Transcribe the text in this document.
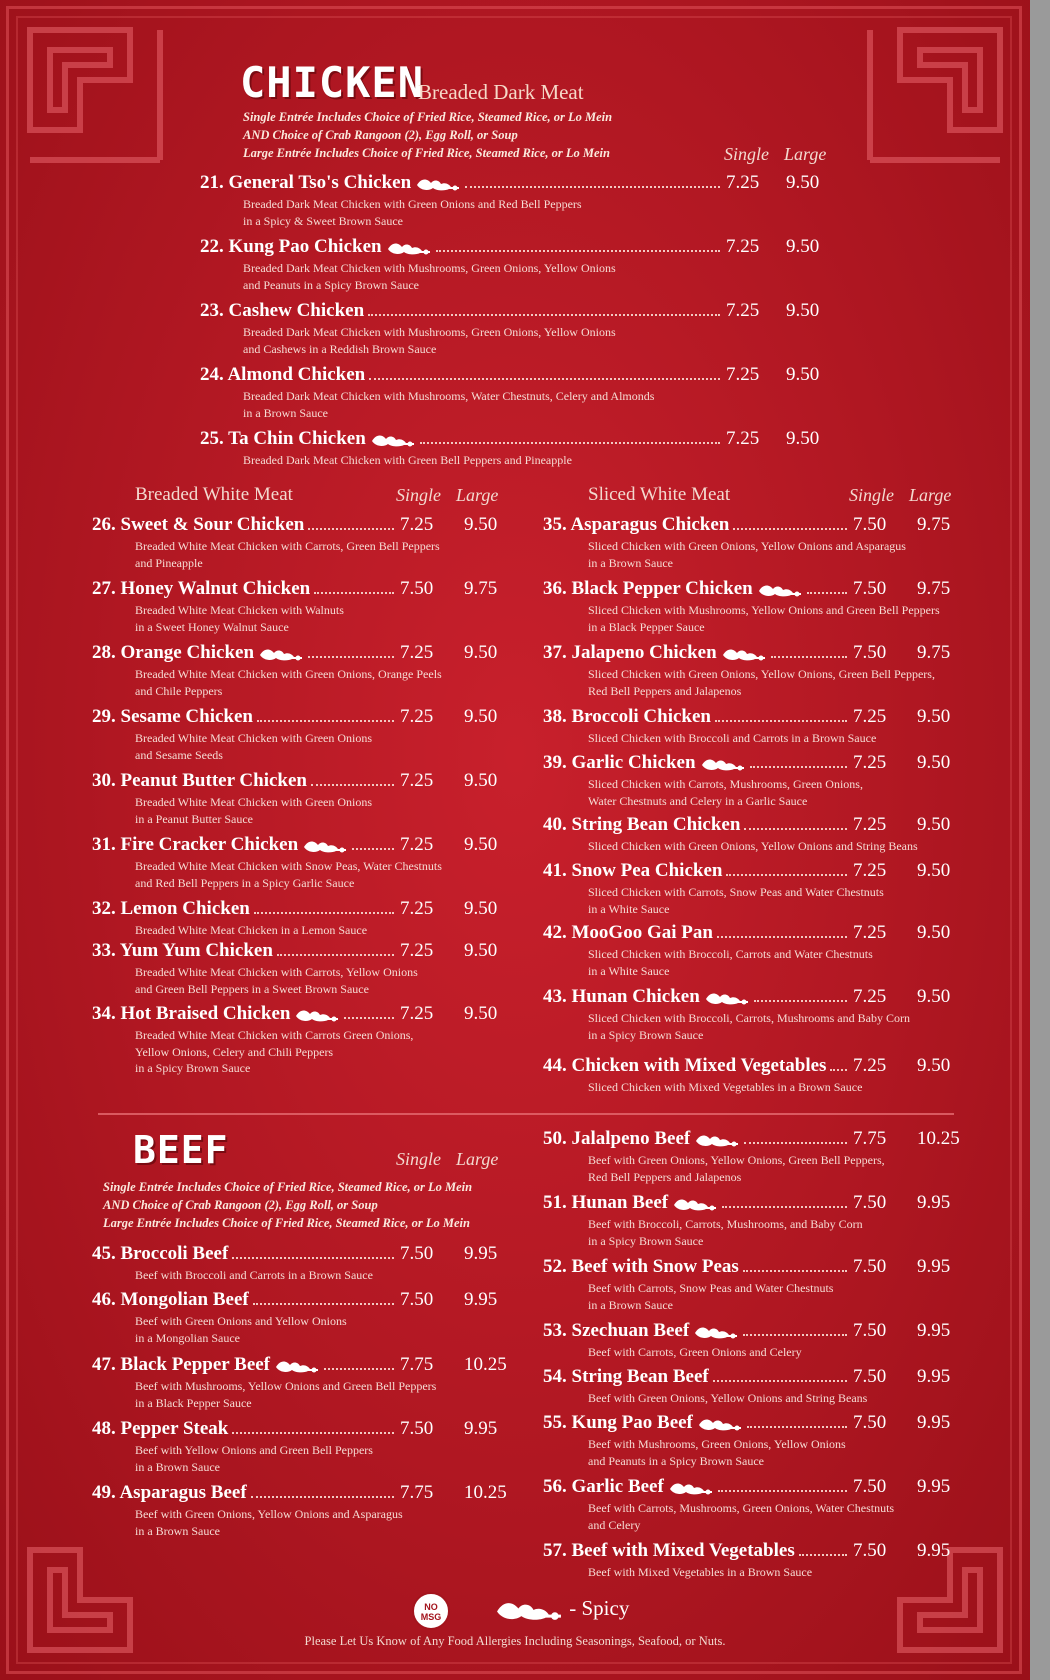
CHICKEN
Breaded Dark Meat
Single Entrée Includes Choice of Fried Rice, Steamed Rice, or Lo Mein
AND Choice of Crab Rangoon (2), Egg Roll, or Soup
Large Entrée Includes Choice of Fried Rice, Steamed Rice, or Lo Mein	Single Large
21. General Tso's Chicken	7.25 9.50
Breaded Dark Meat Chicken with Green Onions and Red Bell Peppers
in a Spicy & Sweet Brown Sauce
22. Kung Pao Chicken	7.25 9.50
Breaded Dark Meat Chicken with Mushrooms, Green Onions, Yellow Onions
and Peanuts in a Spicy Brown Sauce
23. Cashew Chicken	7.25 9.50
Breaded Dark Meat Chicken with Mushrooms, Green Onions, Yellow Onions
and Cashews in a Reddish Brown Sauce
24. Almond Chicken	7.25 9.50
Breaded Dark Meat Chicken with Mushrooms, Water Chestnuts, Celery and Almonds
in a Brown Sauce
25. Ta Chin Chicken	7.25 9.50
Breaded Dark Meat Chicken with Green Bell Peppers and Pineapple
Breaded White Meat	Single Large	Sliced White Meat	Single Large
26. Sweet & Sour Chicken	7.25 9.50
Breaded White Meat Chicken with Carrots, Green Bell Peppers
and Pineapple
27. Honey Walnut Chicken	7.50 9.75
Breaded White Meat Chicken with Walnuts
in a Sweet Honey Walnut Sauce
28. Orange Chicken	7.25 9.50
Breaded White Meat Chicken with Green Onions, Orange Peels
and Chile Peppers
29. Sesame Chicken	7.25 9.50
Breaded White Meat Chicken with Green Onions
and Sesame Seeds
30. Peanut Butter Chicken	7.25 9.50
Breaded White Meat Chicken with Green Onions
in a Peanut Butter Sauce
31. Fire Cracker Chicken	7.25 9.50
Breaded White Meat Chicken with Snow Peas, Water Chestnuts
and Red Bell Peppers in a Spicy Garlic Sauce
32. Lemon Chicken	7.25 9.50
Breaded White Meat Chicken in a Lemon Sauce
33. Yum Yum Chicken	7.25 9.50
Breaded White Meat Chicken with Carrots, Yellow Onions
and Green Bell Peppers in a Sweet Brown Sauce
34. Hot Braised Chicken	7.25 9.50
Breaded White Meat Chicken with Carrots Green Onions,
Yellow Onions, Celery and Chili Peppers
in a Spicy Brown Sauce
35. Asparagus Chicken	7.50 9.75
Sliced Chicken with Green Onions, Yellow Onions and Asparagus
in a Brown Sauce
36. Black Pepper Chicken	7.50 9.75
Sliced Chicken with Mushrooms, Yellow Onions and Green Bell Peppers
in a Black Pepper Sauce
37. Jalapeno Chicken	7.50 9.75
Sliced Chicken with Green Onions, Yellow Onions, Green Bell Peppers,
Red Bell Peppers and Jalapenos
38. Broccoli Chicken	7.25 9.50
Sliced Chicken with Broccoli and Carrots in a Brown Sauce
39. Garlic Chicken	7.25 9.50
Sliced Chicken with Carrots, Mushrooms, Green Onions,
Water Chestnuts and Celery in a Garlic Sauce
40. String Bean Chicken	7.25 9.50
Sliced Chicken with Green Onions, Yellow Onions and String Beans
41. Snow Pea Chicken	7.25 9.50
Sliced Chicken with Carrots, Snow Peas and Water Chestnuts
in a White Sauce
42. MooGoo Gai Pan	7.25 9.50
Sliced Chicken with Broccoli, Carrots and Water Chestnuts
in a White Sauce
43. Hunan Chicken	7.25 9.50
Sliced Chicken with Broccoli, Carrots, Mushrooms and Baby Corn
in a Spicy Brown Sauce
44. Chicken with Mixed Vegetables 7.25 9.50
Sliced Chicken with Mixed Vegetables in a Brown Sauce
BEEF	Single Large
Single Entrée Includes Choice of Fried Rice, Steamed Rice, or Lo Mein
AND Choice of Crab Rangoon (2), Egg Roll, or Soup
Large Entrée Includes Choice of Fried Rice, Steamed Rice, or Lo Mein
45. Broccoli Beef	7.50 9.95
Beef with Broccoli and Carrots in a Brown Sauce
46. Mongolian Beef	7.50 9.95
Beef with Green Onions and Yellow Onions
in a Mongolian Sauce
47. Black Pepper Beef	7.75 10.25
Beef with Mushrooms, Yellow Onions and Green Bell Peppers
in a Black Pepper Sauce
48. Pepper Steak	7.50 9.95
Beef with Yellow Onions and Green Bell Peppers
in a Brown Sauce
49. Asparagus Beef	7.75 10.25
Beef with Green Onions, Yellow Onions and Asparagus
in a Brown Sauce
50. Jalalpeno Beef	7.75 10.25
Beef with Green Onions, Yellow Onions, Green Bell Peppers,
Red Bell Peppers and Jalapenos
51. Hunan Beef	7.50 9.95
Beef with Broccoli, Carrots, Mushrooms, and Baby Corn
in a Spicy Brown Sauce
52. Beef with Snow Peas	7.50 9.95
Beef with Carrots, Snow Peas and Water Chestnuts
in a Brown Sauce
53. Szechuan Beef	7.50 9.95
Beef with Carrots, Green Onions and Celery
54. String Bean Beef	7.50 9.95
Beef with Green Onions, Yellow Onions and String Beans
55. Kung Pao Beef	7.50 9.95
Beef with Mushrooms, Green Onions, Yellow Onions
and Peanuts in a Spicy Brown Sauce
56. Garlic Beef	7.50 9.95
Beef with Carrots, Mushrooms, Green Onions, Water Chestnuts
and Celery
57. Beef with Mixed Vegetables	7.50 9.95
Beef with Mixed Vegetables in a Brown Sauce
NO
MSG	- Spicy
Please Let Us Know of Any Food Allergies Including Seasonings, Seafood, or Nuts.
